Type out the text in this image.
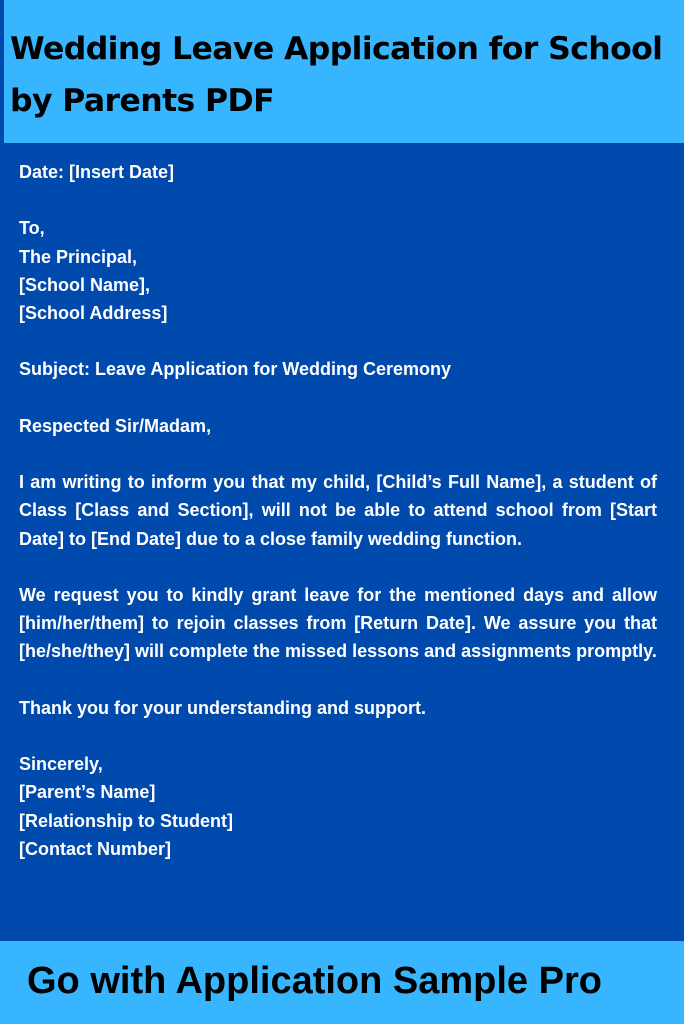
Wedding Leave Application for School by Parents PDF

Date: [Insert Date]

To,
The Principal,
[School Name],
[School Address]

Subject: Leave Application for Wedding Ceremony

Respected Sir/Madam,

I am writing to inform you that my child, [Child’s Full Name], a student of Class [Class and Section], will not be able to attend school from [Start Date] to [End Date] due to a close family wedding function.

We request you to kindly grant leave for the mentioned days and allow [him/her/them] to rejoin classes from [Return Date]. We assure you that [he/she/they] will complete the missed lessons and assignments promptly.

Thank you for your understanding and support.

Sincerely,
[Parent’s Name]
[Relationship to Student]
[Contact Number]

Go with Application Sample Pro
